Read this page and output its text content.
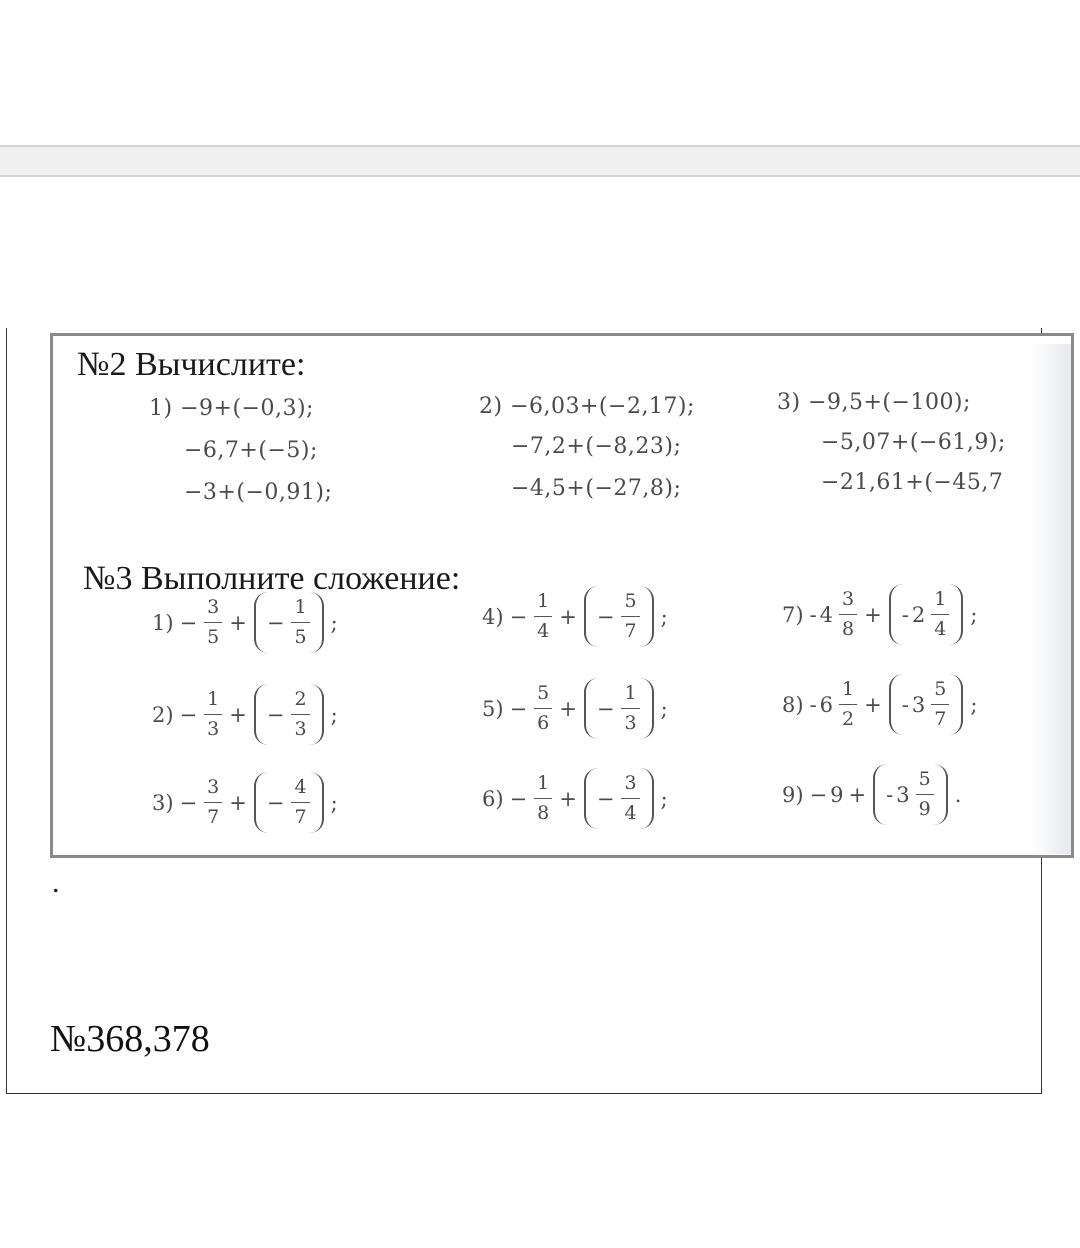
№2 Вычислите:
1) −9+(−0,3);
−6,7+(−5);
−3+(−0,91);
2) −6,03+(−2,17);
−7,2+(−8,23);
−4,5+(−27,8);
3) −9,5+(−100);
−5,07+(−61,9);
−21,61+(−45,7
№3 Выполните сложение:
$1) - \frac{3}{5}$ + − $\frac{1}{5}$ ;
$2) - \frac{1}{3}$ + − $\frac{2}{3}$ ;
$3) - \frac{3}{7}$ + − $\frac{4}{7}$ ;
$4) - \frac{1}{4}$ + − $\frac{5}{7}$ ;
$5) - \frac{5}{6}$ + − $\frac{1}{3}$ ;
$6) - \frac{1}{8}$ + − $\frac{3}{4}$ ;
$7) - 4 \frac{3}{8}$ + - $2 \frac{1}{4}$ ;
$8) - 6 \frac{1}{2}$ + - $3 \frac{5}{7}$ ;
9) − 9 + - $3 \frac{5}{9}$ .
.
№368,378
